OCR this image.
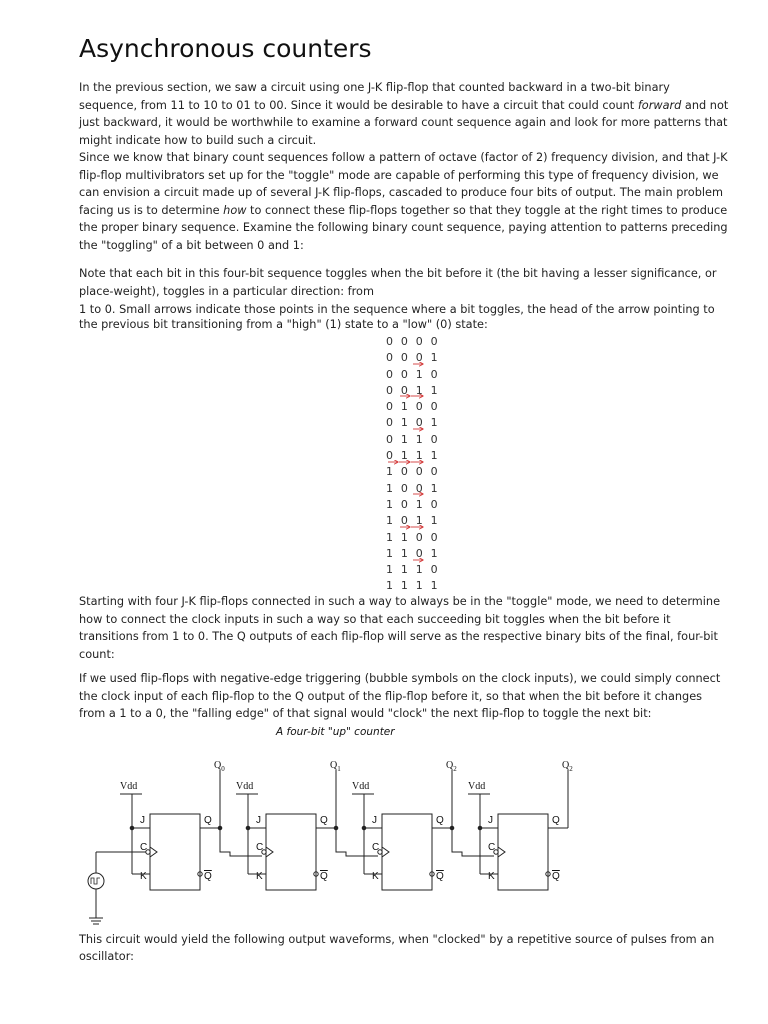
Asynchronous counters

In the previous section, we saw a circuit using one J-K flip-flop that counted backward in a two-bit binary sequence, from 11 to 10 to 01 to 00. Since it would be desirable to have a circuit that could count forward and not just backward, it would be worthwhile to examine a forward count sequence again and look for more patterns that might indicate how to build such a circuit.

Since we know that binary count sequences follow a pattern of octave (factor of 2) frequency division, and that J-K flip-flop multivibrators set up for the "toggle" mode are capable of performing this type of frequency division, we can envision a circuit made up of several J-K flip-flops, cascaded to produce four bits of output. The main problem facing us is to determine how to connect these flip-flops together so that they toggle at the right times to produce the proper binary sequence. Examine the following binary count sequence, paying attention to patterns preceding the "toggling" of a bit between 0 and 1:

Note that each bit in this four-bit sequence toggles when the bit before it (the bit having a lesser significance, or place-weight), toggles in a particular direction: from

1 to 0. Small arrows indicate those points in the sequence where a bit toggles, the head of the arrow pointing to the previous bit transitioning from a "high" (1) state to a "low" (0) state:

0 0 0 0
0 0 0 1
0 0 1 0
0 0 1 1
0 1 0 0
0 1 0 1
0 1 1 0
0 1 1 1
1 0 0 0
1 0 0 1
1 0 1 0
1 0 1 1
1 1 0 0
1 1 0 1
1 1 1 0
1 1 1 1

Starting with four J-K flip-flops connected in such a way to always be in the "toggle" mode, we need to determine how to connect the clock inputs in such a way so that each succeeding bit toggles when the bit before it transitions from 1 to 0. The Q outputs of each flip-flop will serve as the respective binary bits of the final, four-bit count:

If we used flip-flops with negative-edge triggering (bubble symbols on the clock inputs), we could simply connect the clock input of each flip-flop to the Q output of the flip-flop before it, so that when the bit before it changes from a 1 to a 0, the "falling edge" of that signal would "clock" the next flip-flop to toggle the next bit:

A four-bit "up" counter
Vdd	Vdd	Vdd	Vdd
$Q_0$	$Q_1$	$Q_2$	$Q_2$
J
C
K
Q
Q
J
C
K
Q
Q
J
C
K
Q
Q
J
C
K
Q
Q

This circuit would yield the following output waveforms, when "clocked" by a repetitive source of pulses from an oscillator:
